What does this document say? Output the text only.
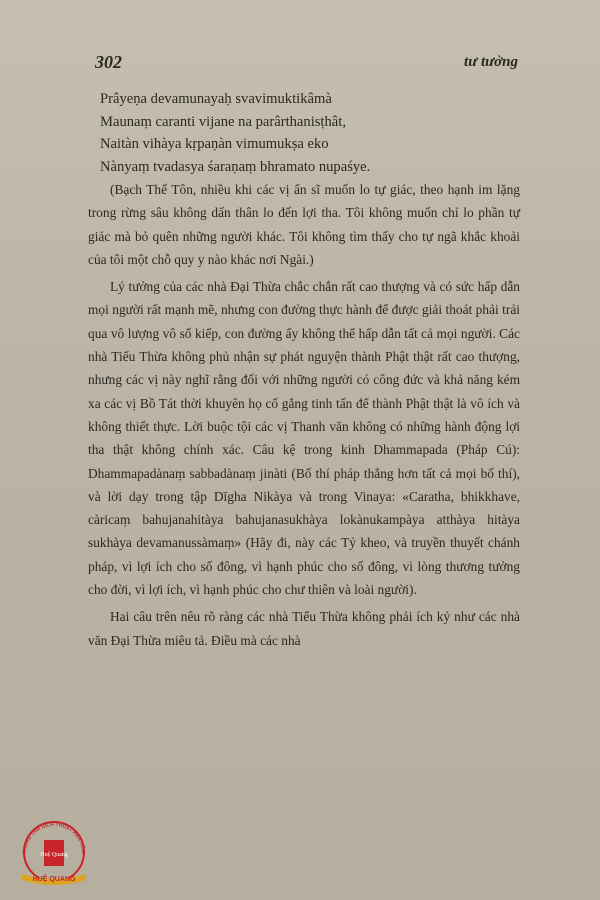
302	tư tưởng
Prâyeṇa devamunayaḥ svavimuktikâmà
Maunaṃ caranti vijane na parârthanisṭhât,
Naitàn vihàya kṛpaṇàn vimumukṣa eko
Nànyaṃ tvadasya śaraṇaṃ bhramato nupaśye.

(Bạch Thế Tôn, nhiều khi các vị ẩn sĩ muốn lo tự giác, theo hạnh im lặng trong rừng sâu không dấn thân lo đến lợi tha. Tôi không muốn chỉ lo phần tự giác mà bỏ quên những người khác. Tôi không tìm thấy cho tự ngã khắc khoải của tôi một chỗ quy y nào khác nơi Ngài.)

Lý tưởng của các nhà Đại Thừa chắc chắn rất cao thượng và có sức hấp dẫn mọi người rất mạnh mẽ, nhưng con đường thực hành để được giải thoát phải trải qua vô lượng vô số kiếp, con đường ấy không thể hấp dẫn tất cả mọi người. Các nhà Tiểu Thừa không phủ nhận sự phát nguyện thành Phật thật rất cao thượng, nhưng các vị này nghĩ rằng đối với những người có công đức và khả năng kém xa các vị Bồ Tát thời khuyên họ cố gắng tinh tấn để thành Phật thật là vô ích và không thiết thực. Lời buộc tội các vị Thanh văn không có những hành động lợi tha thật không chính xác. Câu kệ trong kinh Dhammapada (Pháp Cú): Dhammapadànaṃ sabbadànaṃ jinàti (Bố thí pháp thắng hơn tất cả mọi bố thí), và lời dạy trong tập Dīgha Nikàya và trong Vinaya: «Caratha, bhikkhave, càricaṃ bahujanahitàya bahujanasukhàya lokànukampàya atthàya hitàya sukhàya devamanussàmaṃ» (Hãy đi, này các Tỷ kheo, và truyền thuyết chánh pháp, vì lợi ích cho số đông, vì hạnh phúc cho số đông, vì lòng thương tưởng cho đời, vì lợi ích, vì hạnh phúc cho chư thiên và loài người).

Hai câu trên nêu rõ ràng các nhà Tiểu Thừa không phải ích kỷ như các nhà văn Đại Thừa miêu tả. Điều mà các nhà

TRUNG TÂM DỊCH THUẬT HÁN NÔM
Huệ Quang
HUỆ QUANG
